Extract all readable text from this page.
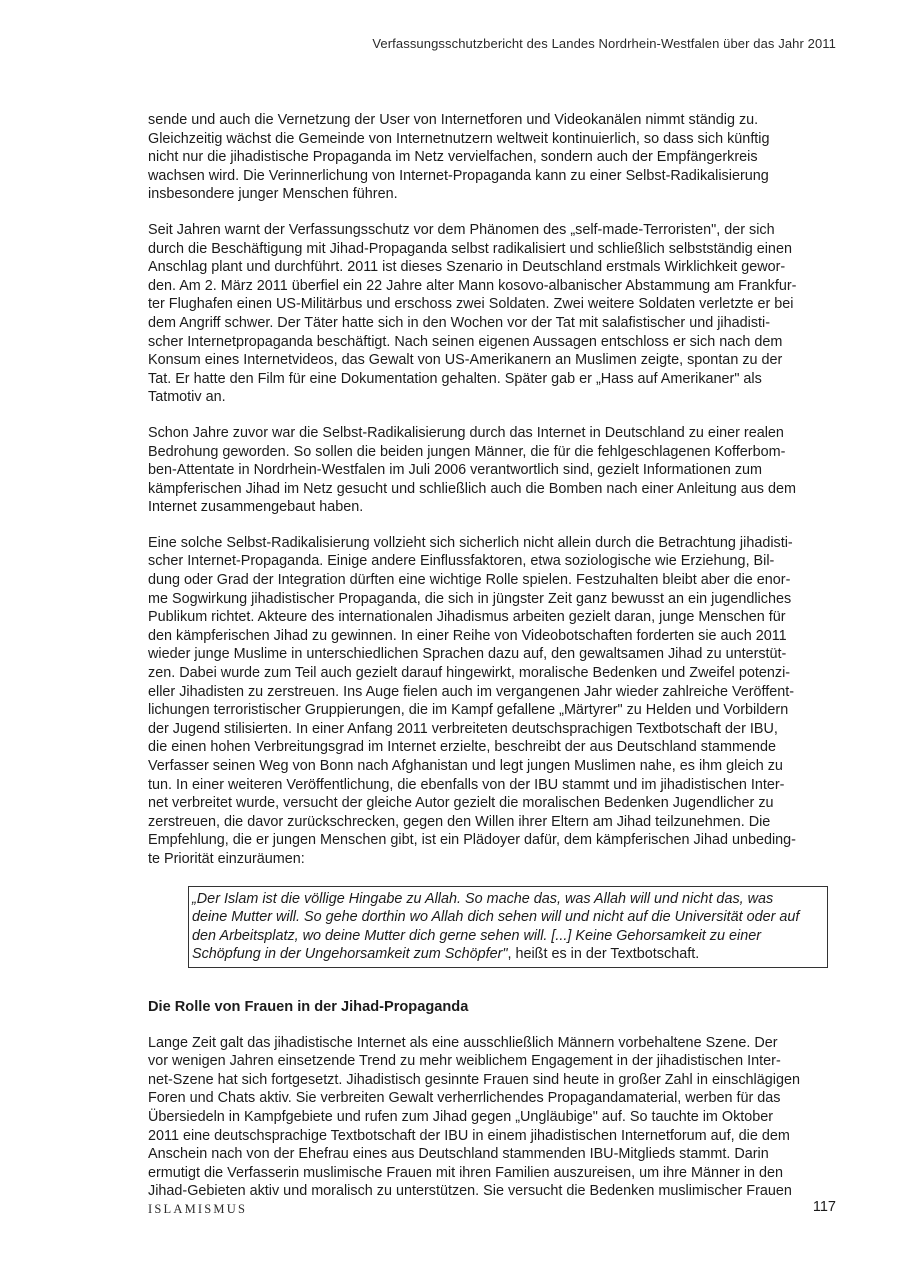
Verfassungsschutzbericht des Landes Nordrhein-Westfalen über das Jahr 2011

sende und auch die Vernetzung der User von Internetforen und Videokanälen nimmt ständig zu.
Gleichzeitig wächst die Gemeinde von Internetnutzern weltweit kontinuierlich, so dass sich künftig
nicht nur die jihadistische Propaganda im Netz vervielfachen, sondern auch der Empfängerkreis
wachsen wird. Die Verinnerlichung von Internet-Propaganda kann zu einer Selbst-Radikalisierung
insbesondere junger Menschen führen.

Seit Jahren warnt der Verfassungsschutz vor dem Phänomen des „self-made-Terroristen", der sich
durch die Beschäftigung mit Jihad-Propaganda selbst radikalisiert und schließlich selbstständig einen
Anschlag plant und durchführt. 2011 ist dieses Szenario in Deutschland erstmals Wirklichkeit gewor-
den. Am 2. März 2011 überfiel ein 22 Jahre alter Mann kosovo-albanischer Abstammung am Frankfur-
ter Flughafen einen US-Militärbus und erschoss zwei Soldaten. Zwei weitere Soldaten verletzte er bei
dem Angriff schwer. Der Täter hatte sich in den Wochen vor der Tat mit salafistischer und jihadisti-
scher Internetpropaganda beschäftigt. Nach seinen eigenen Aussagen entschloss er sich nach dem
Konsum eines Internetvideos, das Gewalt von US-Amerikanern an Muslimen zeigte, spontan zu der
Tat. Er hatte den Film für eine Dokumentation gehalten. Später gab er „Hass auf Amerikaner" als
Tatmotiv an.

Schon Jahre zuvor war die Selbst-Radikalisierung durch das Internet in Deutschland zu einer realen
Bedrohung geworden. So sollen die beiden jungen Männer, die für die fehlgeschlagenen Kofferbom-
ben-Attentate in Nordrhein-Westfalen im Juli 2006 verantwortlich sind, gezielt Informationen zum
kämpferischen Jihad im Netz gesucht und schließlich auch die Bomben nach einer Anleitung aus dem
Internet zusammengebaut haben.

Eine solche Selbst-Radikalisierung vollzieht sich sicherlich nicht allein durch die Betrachtung jihadisti-
scher Internet-Propaganda. Einige andere Einflussfaktoren, etwa soziologische wie Erziehung, Bil-
dung oder Grad der Integration dürften eine wichtige Rolle spielen. Festzuhalten bleibt aber die enor-
me Sogwirkung jihadistischer Propaganda, die sich in jüngster Zeit ganz bewusst an ein jugendliches
Publikum richtet. Akteure des internationalen Jihadismus arbeiten gezielt daran, junge Menschen für
den kämpferischen Jihad zu gewinnen. In einer Reihe von Videobotschaften forderten sie auch 2011
wieder junge Muslime in unterschiedlichen Sprachen dazu auf, den gewaltsamen Jihad zu unterstüt-
zen. Dabei wurde zum Teil auch gezielt darauf hingewirkt, moralische Bedenken und Zweifel potenzi-
eller Jihadisten zu zerstreuen. Ins Auge fielen auch im vergangenen Jahr wieder zahlreiche Veröffent-
lichungen terroristischer Gruppierungen, die im Kampf gefallene „Märtyrer" zu Helden und Vorbildern
der Jugend stilisierten. In einer Anfang 2011 verbreiteten deutschsprachigen Textbotschaft der IBU,
die einen hohen Verbreitungsgrad im Internet erzielte, beschreibt der aus Deutschland stammende
Verfasser seinen Weg von Bonn nach Afghanistan und legt jungen Muslimen nahe, es ihm gleich zu
tun. In einer weiteren Veröffentlichung, die ebenfalls von der IBU stammt und im jihadistischen Inter-
net verbreitet wurde, versucht der gleiche Autor gezielt die moralischen Bedenken Jugendlicher zu
zerstreuen, die davor zurückschrecken, gegen den Willen ihrer Eltern am Jihad teilzunehmen. Die
Empfehlung, die er jungen Menschen gibt, ist ein Plädoyer dafür, dem kämpferischen Jihad unbeding-
te Priorität einzuräumen:

„Der Islam ist die völlige Hingabe zu Allah. So mache das, was Allah will und nicht das, was
deine Mutter will. So gehe dorthin wo Allah dich sehen will und nicht auf die Universität oder auf
den Arbeitsplatz, wo deine Mutter dich gerne sehen will. [...] Keine Gehorsamkeit zu einer
Schöpfung in der Ungehorsamkeit zum Schöpfer", heißt es in der Textbotschaft.
Die Rolle von Frauen in der Jihad-Propaganda

Lange Zeit galt das jihadistische Internet als eine ausschließlich Männern vorbehaltene Szene. Der
vor wenigen Jahren einsetzende Trend zu mehr weiblichem Engagement in der jihadistischen Inter-
net-Szene hat sich fortgesetzt. Jihadistisch gesinnte Frauen sind heute in großer Zahl in einschlägigen
Foren und Chats aktiv. Sie verbreiten Gewalt verherrlichendes Propagandamaterial, werben für das
Übersiedeln in Kampfgebiete und rufen zum Jihad gegen „Ungläubige" auf. So tauchte im Oktober
2011 eine deutschsprachige Textbotschaft der IBU in einem jihadistischen Internetforum auf, die dem
Anschein nach von der Ehefrau eines aus Deutschland stammenden IBU-Mitglieds stammt. Darin
ermutigt die Verfasserin muslimische Frauen mit ihren Familien auszureisen, um ihre Männer in den
Jihad-Gebieten aktiv und moralisch zu unterstützen. Sie versucht die Bedenken muslimischer Frauen

ISLAMISMUS	117
